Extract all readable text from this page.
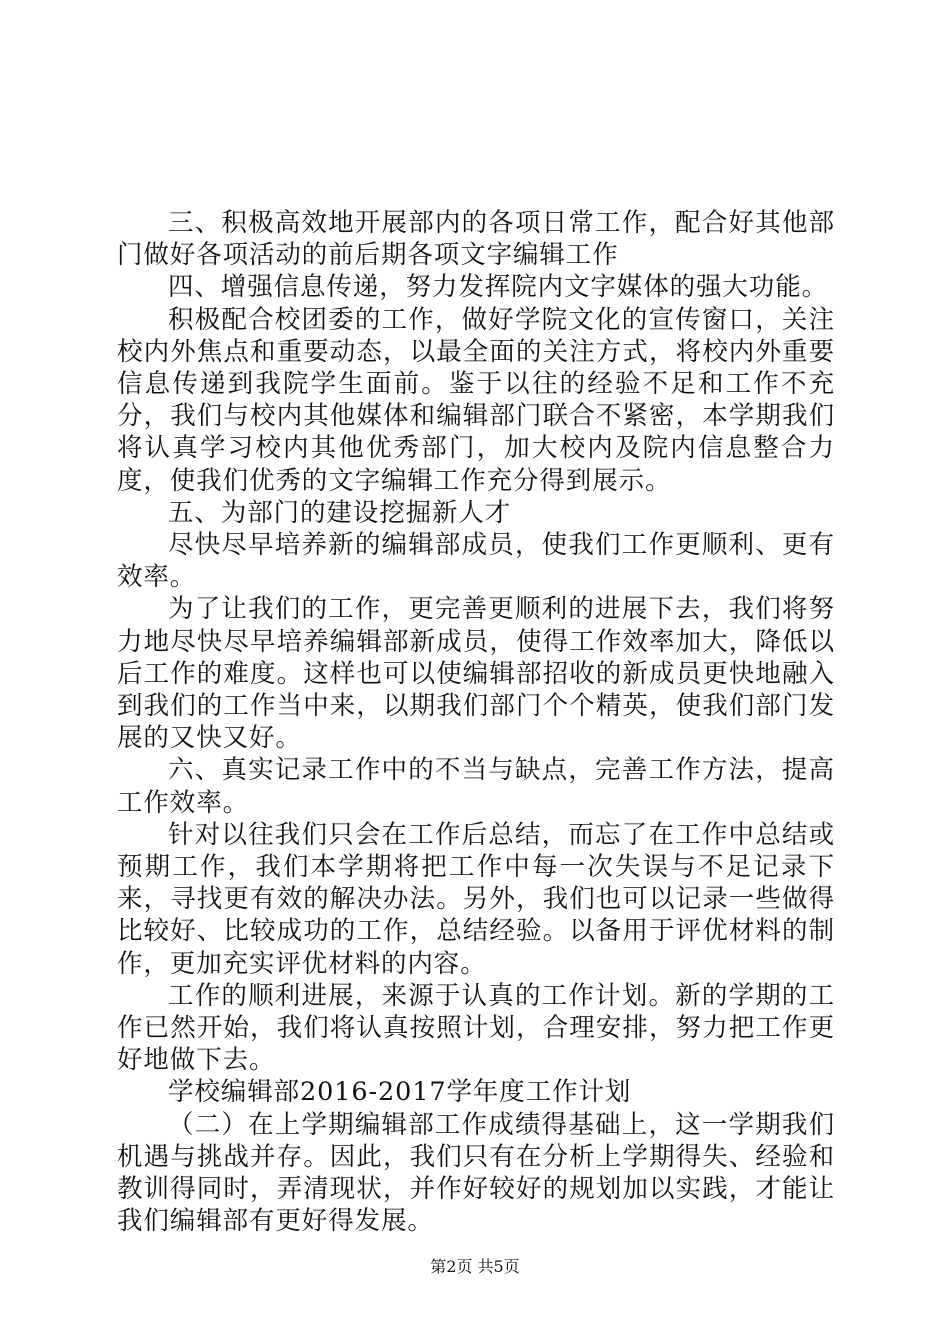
三、积极高效地开展部内的各项日常工作，配合好其他部门做好各项活动的前后期各项文字编辑工作

四、增强信息传递，努力发挥院内文字媒体的强大功能。

积极配合校团委的工作，做好学院文化的宣传窗口，关注校内外焦点和重要动态，以最全面的关注方式，将校内外重要信息传递到我院学生面前。鉴于以往的经验不足和工作不充分，我们与校内其他媒体和编辑部门联合不紧密，本学期我们将认真学习校内其他优秀部门，加大校内及院内信息整合力度，使我们优秀的文字编辑工作充分得到展示。

五、为部门的建设挖掘新人才

尽快尽早培养新的编辑部成员，使我们工作更顺利、更有效率。

为了让我们的工作，更完善更顺利的进展下去，我们将努力地尽快尽早培养编辑部新成员，使得工作效率加大，降低以后工作的难度。这样也可以使编辑部招收的新成员更快地融入到我们的工作当中来，以期我们部门个个精英，使我们部门发展的又快又好。

六、真实记录工作中的不当与缺点，完善工作方法，提高工作效率。

针对以往我们只会在工作后总结，而忘了在工作中总结或预期工作，我们本学期将把工作中每一次失误与不足记录下来，寻找更有效的解决办法。另外，我们也可以记录一些做得比较好、比较成功的工作，总结经验。以备用于评优材料的制作，更加充实评优材料的内容。

工作的顺利进展，来源于认真的工作计划。新的学期的工作已然开始，我们将认真按照计划，合理安排，努力把工作更好地做下去。

学校编辑部2016-2017学年度工作计划

（二）在上学期编辑部工作成绩得基础上，这一学期我们机遇与挑战并存。因此，我们只有在分析上学期得失、经验和教训得同时，弄清现状，并作好较好的规划加以实践，才能让我们编辑部有更好得发展。

第2页 共5页
